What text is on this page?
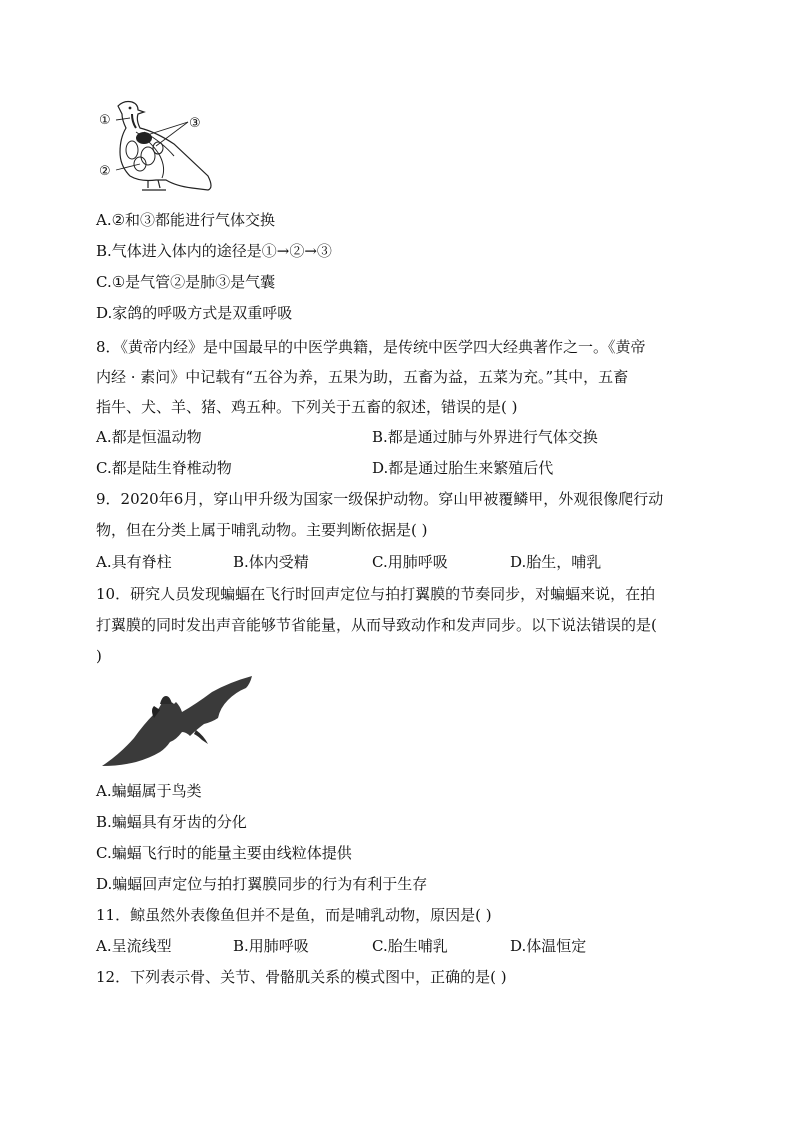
①
②
③
A.②和③都能进行气体交换
B.气体进入体内的途径是①→②→③
C.①是气管②是肺③是气囊
D.家鸽的呼吸方式是双重呼吸
8．《黄帝内经》是中国最早的中医学典籍，是传统中医学四大经典著作之一。《黄帝
内经 · 素问》中记载有“五谷为养，五果为助，五畜为益，五菜为充。”其中，五畜
指牛、犬、羊、猪、鸡五种。下列关于五畜的叙述，错误的是( )
A.都是恒温动物	B.都是通过肺与外界进行气体交换
C.都是陆生脊椎动物	D.都是通过胎生来繁殖后代
9．2020年6月，穿山甲升级为国家一级保护动物。穿山甲被覆鳞甲，外观很像爬行动
物，但在分类上属于哺乳动物。主要判断依据是( )
A.具有脊柱	B.体内受精	C.用肺呼吸	D.胎生，哺乳
10．研究人员发现蝙蝠在飞行时回声定位与拍打翼膜的节奏同步，对蝙蝠来说，在拍
打翼膜的同时发出声音能够节省能量，从而导致动作和发声同步。以下说法错误的是(
)
A.蝙蝠属于鸟类
B.蝙蝠具有牙齿的分化
C.蝙蝠飞行时的能量主要由线粒体提供
D.蝙蝠回声定位与拍打翼膜同步的行为有利于生存
11．鲸虽然外表像鱼但并不是鱼，而是哺乳动物，原因是( )
A.呈流线型	B.用肺呼吸	C.胎生哺乳	D.体温恒定
12．下列表示骨、关节、骨骼肌关系的模式图中，正确的是( )
